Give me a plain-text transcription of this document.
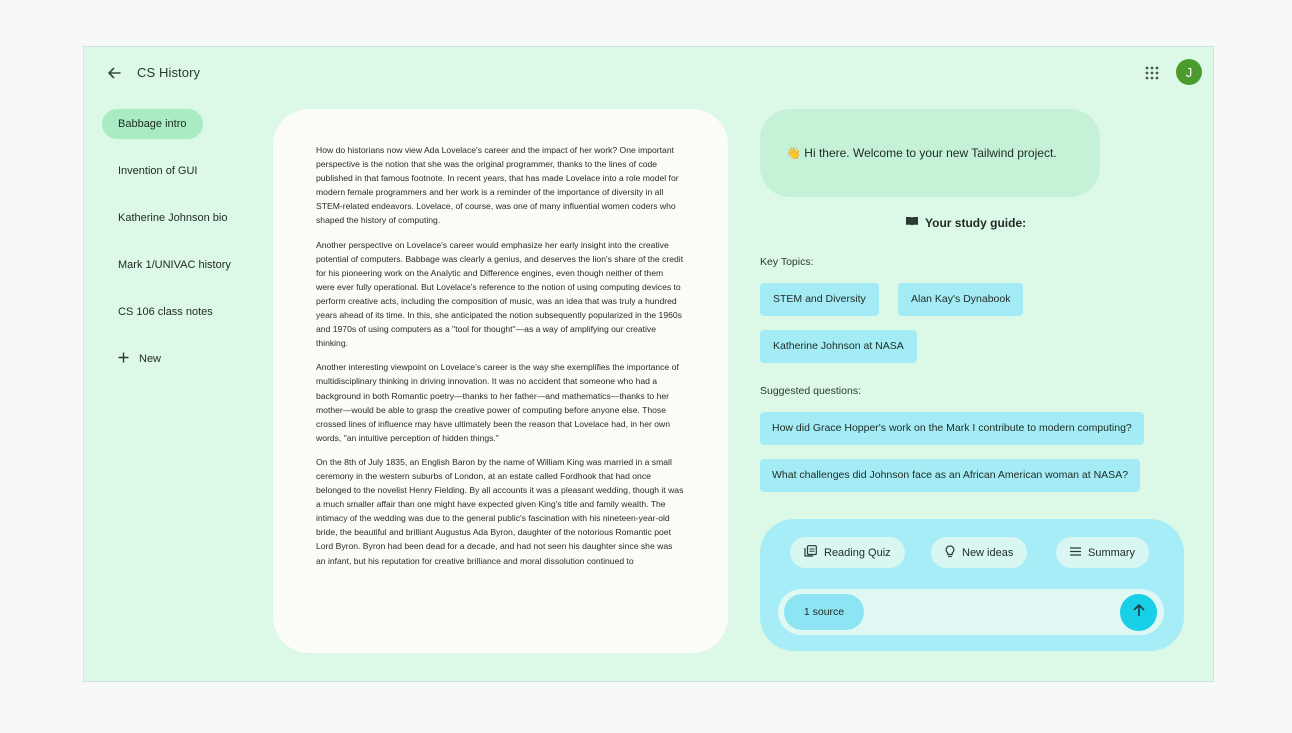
CS History	J
Babbage intro
Invention of GUI
Katherine Johnson bio
Mark 1/UNIVAC history
CS 106 class notes
New

How do historians now view Ada Lovelace's career and the impact of her work? One important perspective is the notion that she was the original programmer, thanks to the lines of code published in that famous footnote. In recent years, that has made Lovelace into a role model for modern female programmers and her work is a reminder of the importance of diversity in all STEM-related endeavors. Lovelace, of course, was one of many influential women coders who shaped the history of computing.

Another perspective on Lovelace's career would emphasize her early insight into the creative potential of computers. Babbage was clearly a genius, and deserves the lion's share of the credit for his pioneering work on the Analytic and Difference engines, even though neither of them were ever fully operational. But Lovelace's reference to the notion of using computing devices to perform creative acts, including the composition of music, was an idea that was truly a hundred years ahead of its time. In this, she anticipated the notion subsequently popularized in the 1960s and 1970s of using computers as a "tool for thought"—as a way of amplifying our creative thinking.

Another interesting viewpoint on Lovelace's career is the way she exemplifies the importance of multidisciplinary thinking in driving innovation. It was no accident that someone who had a background in both Romantic poetry—thanks to her father—and mathematics—thanks to her mother—would be able to grasp the creative power of computing before anyone else. Those crossed lines of influence may have ultimately been the reason that Lovelace had, in her own words, "an intuitive perception of hidden things."

On the 8th of July 1835, an English Baron by the name of William King was married in a small ceremony in the western suburbs of London, at an estate called Fordhook that had once belonged to the novelist Henry Fielding. By all accounts it was a pleasant wedding, though it was a much smaller affair than one might have expected given King's title and family wealth. The intimacy of the wedding was due to the general public's fascination with his nineteen-year-old bride, the beautiful and brilliant Augustus Ada Byron, daughter of the notorious Romantic poet Lord Byron. Byron had been dead for a decade, and had not seen his daughter since she was an infant, but his reputation for creative brilliance and moral dissolution continued to

👋 Hi there. Welcome to your new Tailwind project.
Your study guide:
Key Topics:
STEM and Diversity	Alan Kay's Dynabook
Katherine Johnson at NASA
Suggested questions:
How did Grace Hopper's work on the Mark I contribute to modern computing?
What challenges did Johnson face as an African American woman at NASA?
Reading Quiz	New ideas	Summary
1 source
